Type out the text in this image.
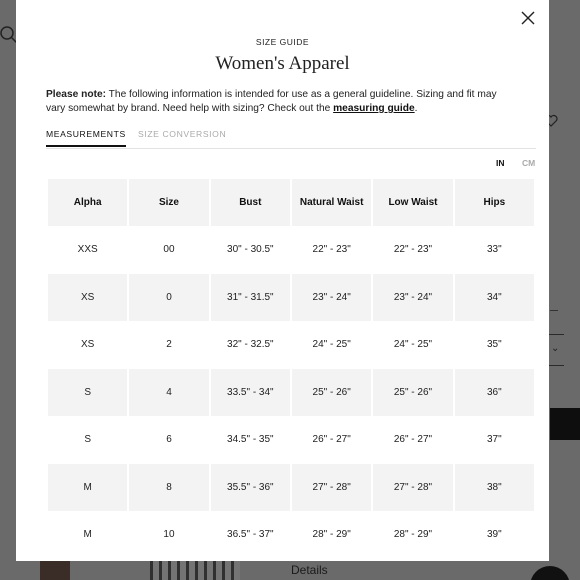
⌄
Details
SIZE GUIDE
Women's Apparel

Please note: The following information is intended for use as a general guideline. Sizing and fit may vary somewhat by brand. Need help with sizing? Check out the measuring guide.

MEASUREMENTS SIZE CONVERSION
IN CM
Alpha	Size	Bust	Natural Waist	Low Waist	Hips
XXS	00	30" - 30.5"	22" - 23"	22" - 23"	33"
XS	0	31" - 31.5"	23" - 24"	23" - 24"	34"
XS	2	32" - 32.5"	24" - 25"	24" - 25"	35"
S	4	33.5" - 34"	25" - 26"	25" - 26"	36"
S	6	34.5" - 35"	26" - 27"	26" - 27"	37"
M	8	35.5" - 36"	27" - 28"	27" - 28"	38"
M	10	36.5" - 37"	28" - 29"	28" - 29"	39"
